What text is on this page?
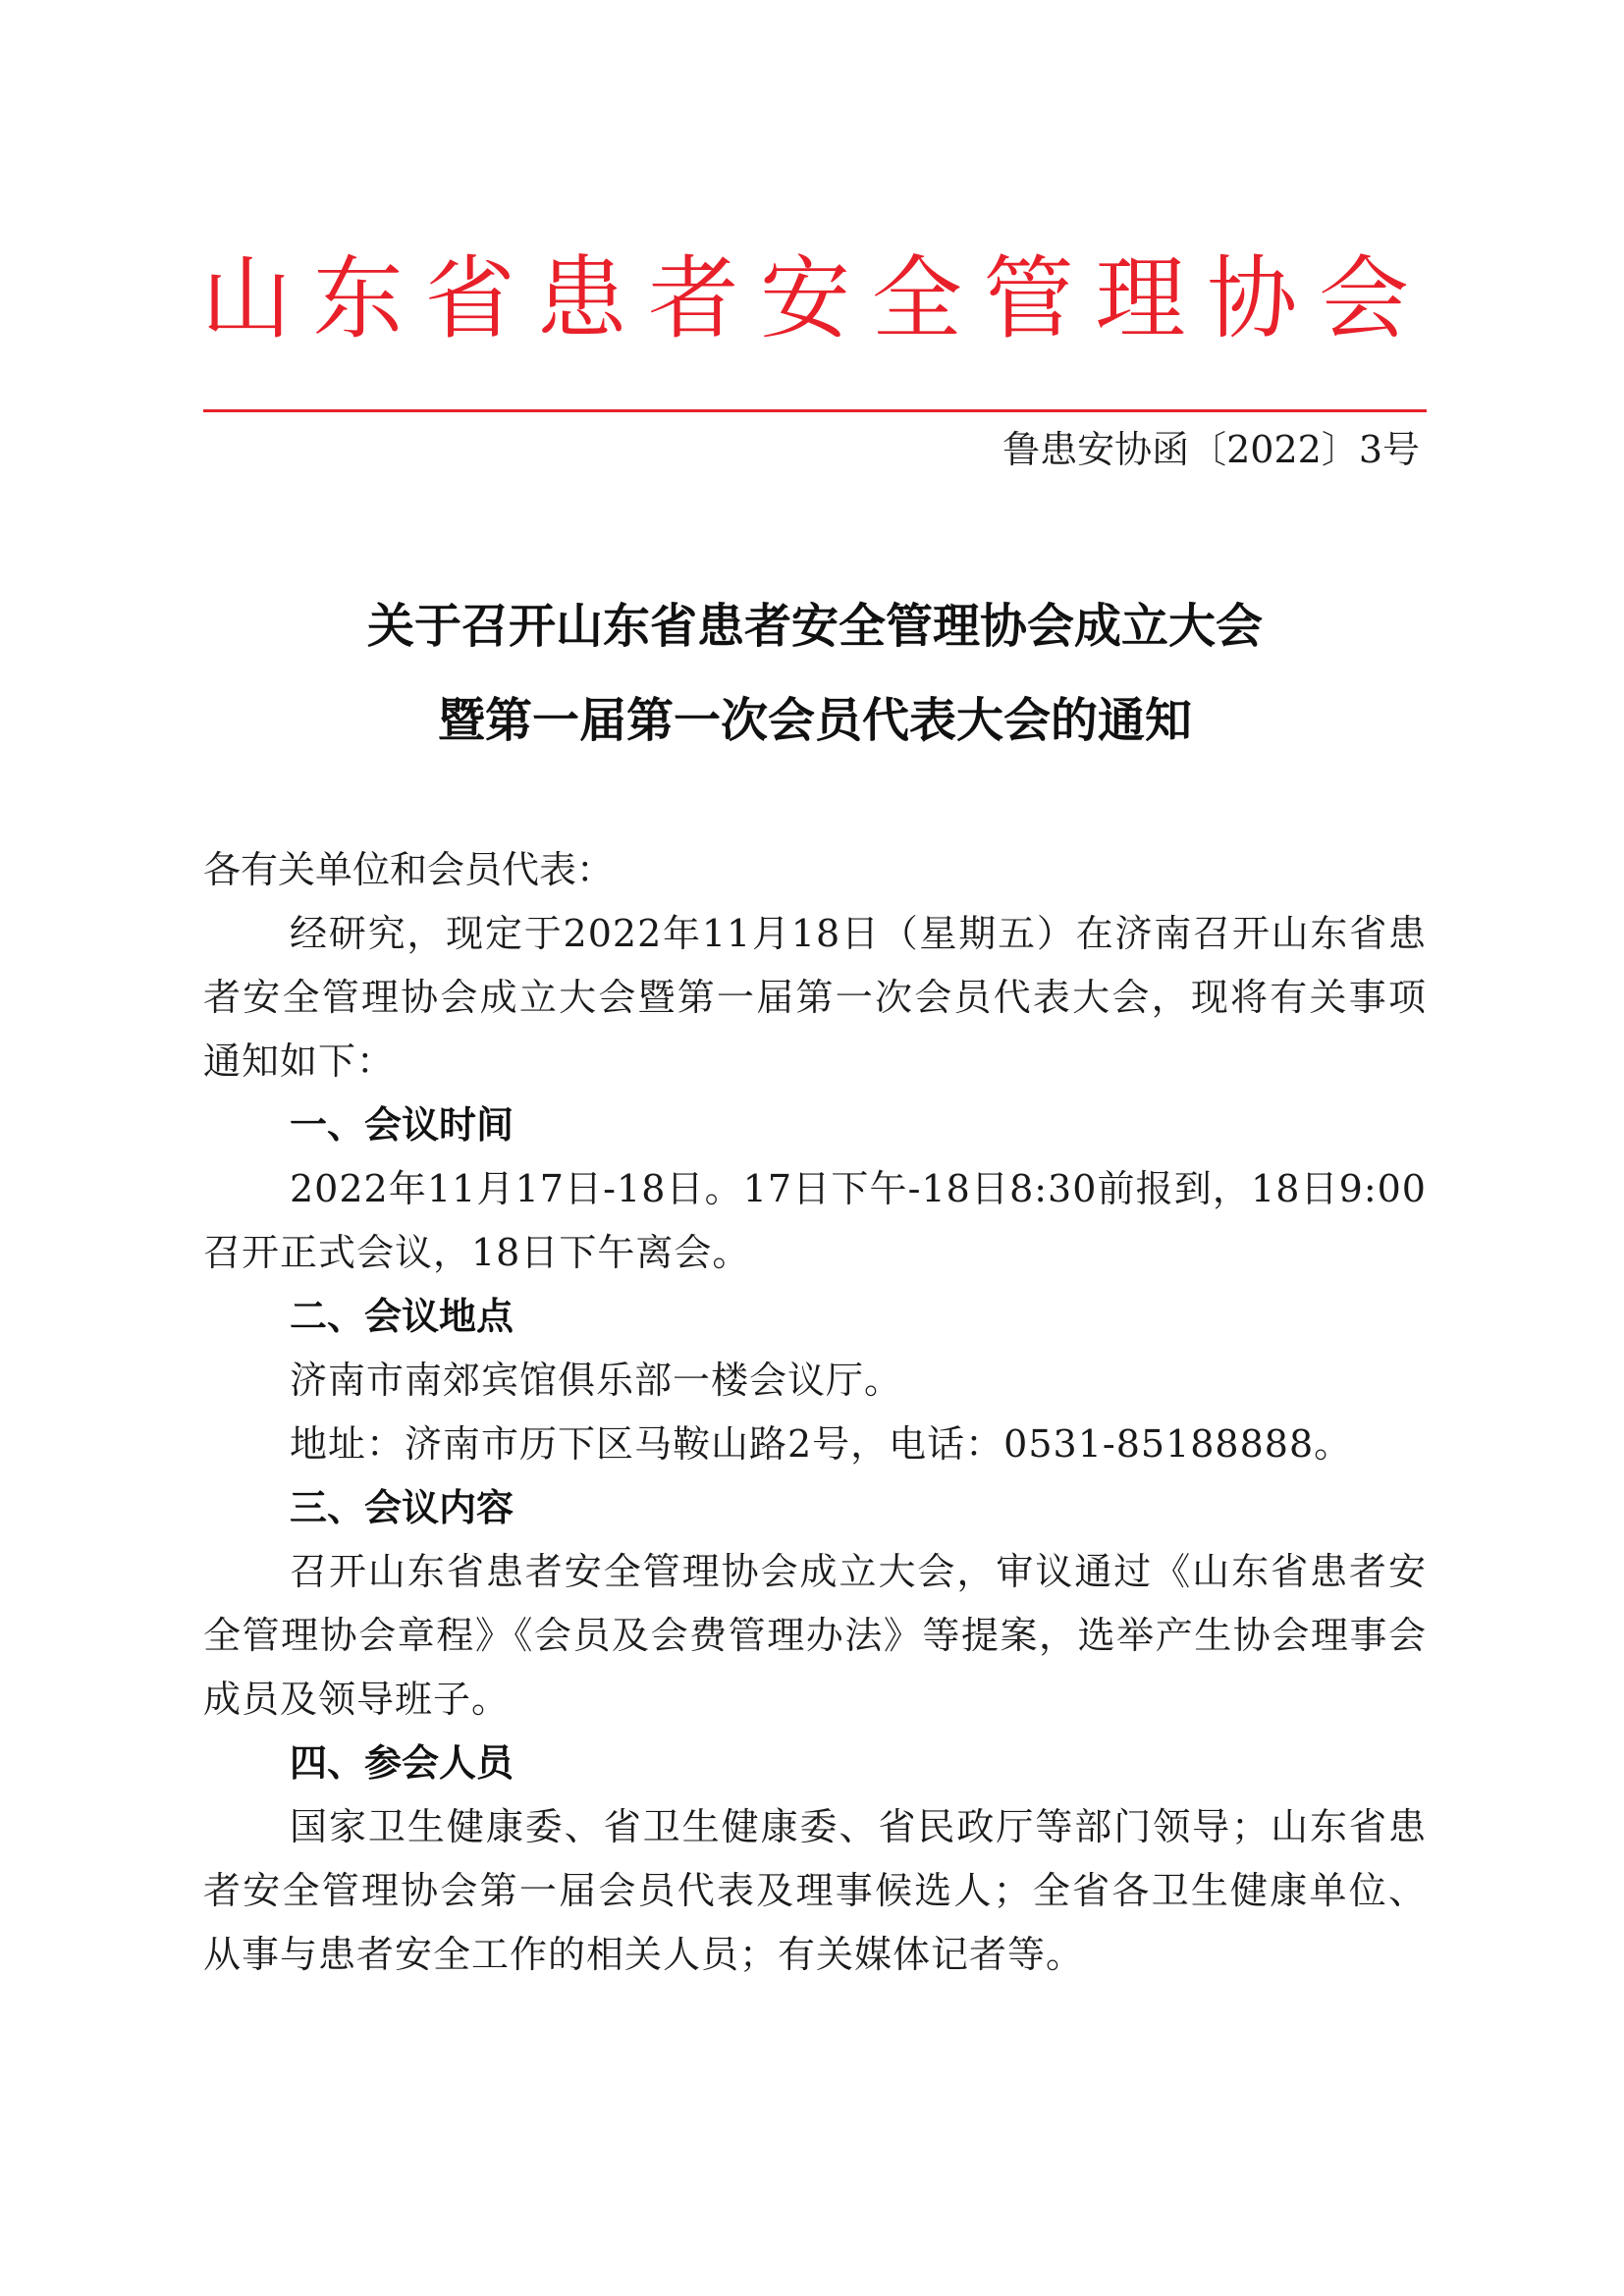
山东省患者安全管理协会
鲁患安协函〔2022〕3号
关于召开山东省患者安全管理协会成立大会
暨第一届第一次会员代表大会的通知

各有关单位和会员代表：

经研究，现定于2022年11月18日（星期五）在济南召开山东省患者安全管理协会成立大会暨第一届第一次会员代表大会，现将有关事项通知如下：

一、会议时间

2022年11月17日-18日。17日下午-18日8:30前报到，18日9:00召开正式会议，18日下午离会。

二、会议地点

济南市南郊宾馆俱乐部一楼会议厅。

地址：济南市历下区马鞍山路2号，电话：0531-85188888。

三、会议内容

召开山东省患者安全管理协会成立大会，审议通过《山东省患者安全管理协会章程》《会员及会费管理办法》等提案，选举产生协会理事会成员及领导班子。

四、参会人员

国家卫生健康委、省卫生健康委、省民政厅等部门领导；山东省患者安全管理协会第一届会员代表及理事候选人；全省各卫生健康单位、从事与患者安全工作的相关人员；有关媒体记者等。
